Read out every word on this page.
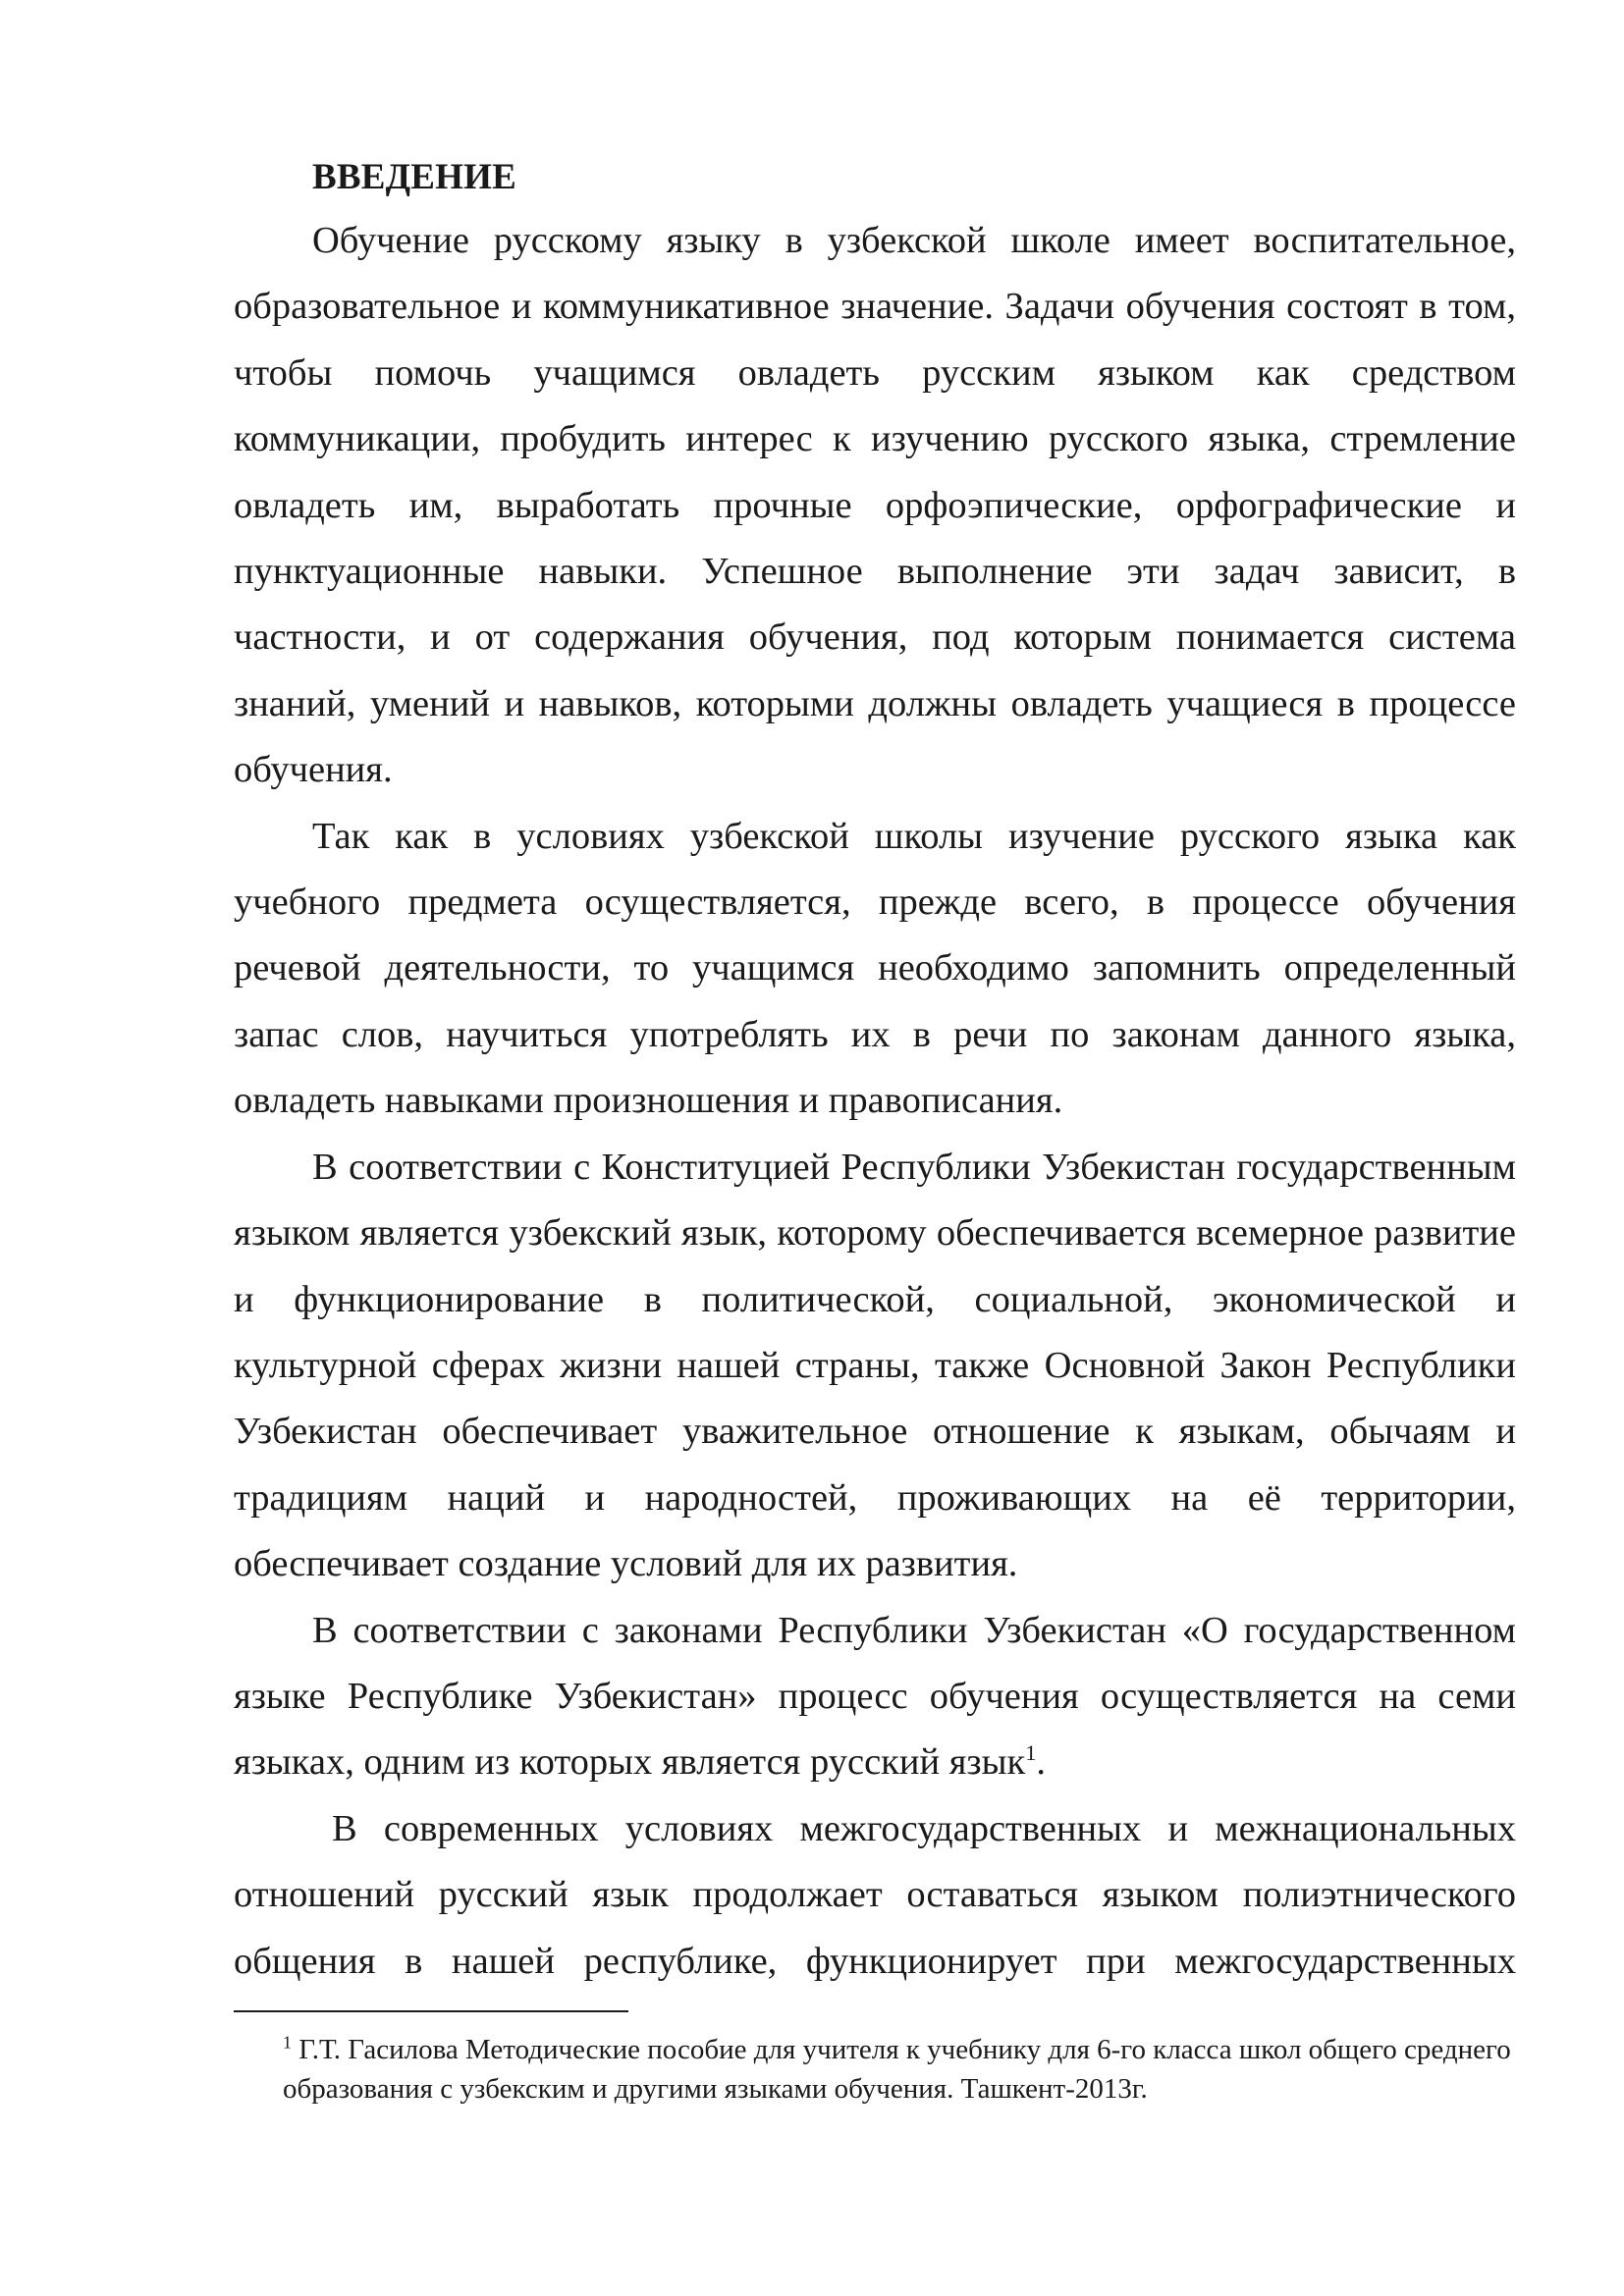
ВВЕДЕНИЕ

Обучение русскому языку в узбекской школе имеет воспитательное, образовательное и коммуникативное значение. Задачи обучения состоят в том, чтобы помочь учащимся овладеть русским языком как средством коммуникации, пробудить интерес к изучению русского языка, стремление овладеть им, выработать прочные орфоэпические, орфографические и пунктуационные навыки. Успешное выполнение эти задач зависит, в частности, и от содержания обучения, под которым понимается система знаний, умений и навыков, которыми должны овладеть учащиеся в процессе обучения.

Так как в условиях узбекской школы изучение русского языка как учебного предмета осуществляется, прежде всего, в процессе обучения речевой деятельности, то учащимся необходимо запомнить определенный запас слов, научиться употреблять их в речи по законам данного языка, овладеть навыками произношения и правописания.

В соответствии с Конституцией Республики Узбекистан государственным языком является узбекский язык, которому обеспечивается всемерное развитие и функционирование в политической, социальной, экономической и культурной сферах жизни нашей страны, также Основной Закон Республики Узбекистан обеспечивает уважительное отношение к языкам, обычаям и традициям наций и народностей, проживающих на её территории, обеспечивает создание условий для их развития.

В соответствии с законами Республики Узбекистан «О государственном языке Республике Узбекистан» процесс обучения осуществляется на семи языках, одним из которых является русский язык$^1$.

В современных условиях межгосударственных и межнациональных отношений русский язык продолжает оставаться языком полиэтнического общения в нашей республике, функционирует при межгосударственных

$^1$ Г.Т. Гасилова Методические пособие для учителя к учебнику для 6-го класса школ общего среднего образования с узбекским и другими языками обучения. Ташкент-2013г.
